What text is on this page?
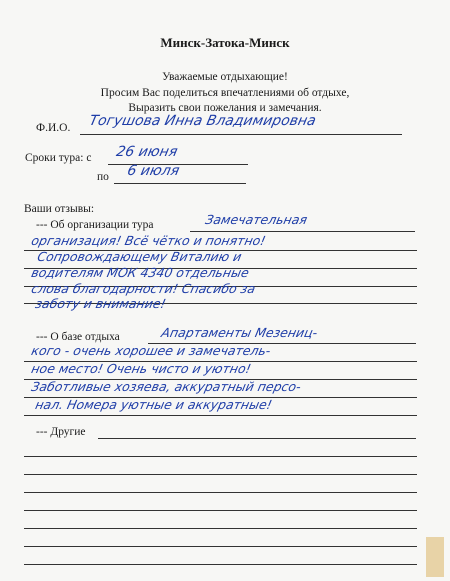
Минск-Затока-Минск
Уважаемые отдыхающие!
Просим Вас поделиться впечатлениями об отдыхе,
Выразить свои пожелания и замечания.
Ф.И.О. Тогушова Инна Владимировна
Сроки тура: с 26 июня
по 6 июля
Ваши отзывы:
--- Об организации тура	Замечательная
организация! Всё чётко и понятно!
Сопровождающему Виталию и
водителям МОК 4340 отдельные
слова благодарности! Спасибо за
заботу и внимание!
--- О базе отдыха	Апартаменты Мезениц-
кого - очень хорошее и замечатель-
ное место! Очень чисто и уютно!
Заботливые хозяева, аккуратный персо-
нал. Номера уютные и аккуратные!
--- Другие
